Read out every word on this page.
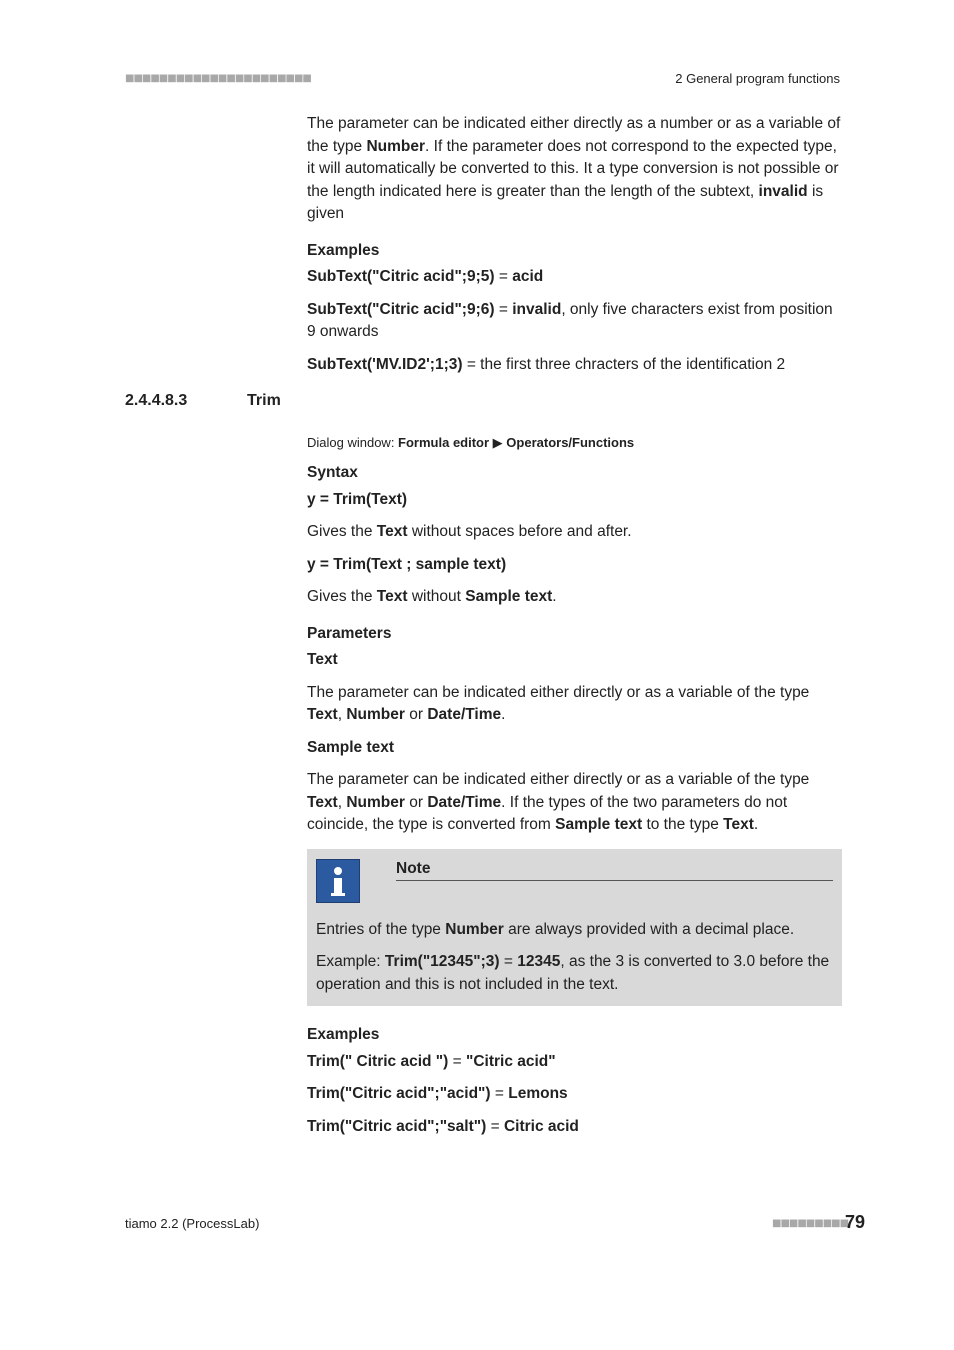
■■■■■■■■■■■■■■■■■■■■■■	2 General program functions
2.4.4.8.3	Trim

The parameter can be indicated either directly as a number or as a variable of the type Number. If the parameter does not correspond to the expected type, it will automatically be converted to this. It a type conversion is not possible or the length indicated here is greater than the length of the subtext, invalid is given

Examples

SubText("Citric acid";9;5) = acid

SubText("Citric acid";9;6) = invalid, only five characters exist from position 9 onwards

SubText('MV.ID2';1;3) = the first three chracters of the identification 2

Dialog window: Formula editor ▶ Operators/Functions

Syntax

y = Trim(Text)

Gives the Text without spaces before and after.

y = Trim(Text ; sample text)

Gives the Text without Sample text.

Parameters

Text

The parameter can be indicated either directly or as a variable of the type Text, Number or Date/Time.

Sample text

The parameter can be indicated either directly or as a variable of the type Text, Number or Date/Time. If the types of the two parameters do not coincide, the type is converted from Sample text to the type Text.

Note

Entries of the type Number are always provided with a decimal place.

Example: Trim("12345";3) = 12345, as the 3 is converted to 3.0 before the operation and this is not included in the text.

Examples

Trim(" Citric acid ") = "Citric acid"

Trim("Citric acid";"acid") = Lemons

Trim("Citric acid";"salt") = Citric acid

tiamo 2.2 (ProcessLab)	■■■■■■■■■
79
